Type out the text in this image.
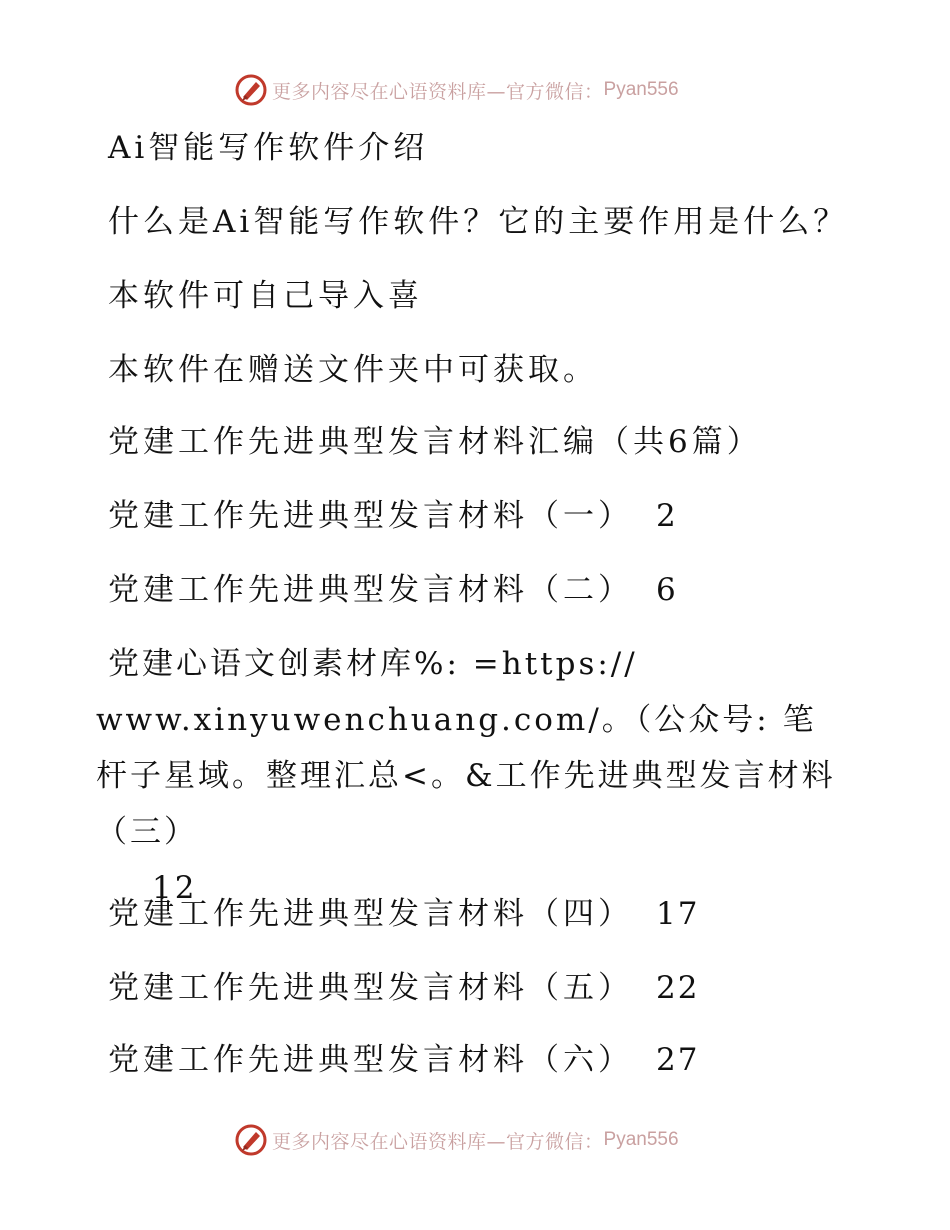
更多内容尽在心语资料库—官方微信： Pyan556
Ai智能写作软件介绍
什么是Ai智能写作软件？它的主要作用是什么？
本软件可自己导入喜
本软件在赠送文件夹中可获取。
党建工作先进典型发言材料汇编（共6篇）
党建工作先进典型发言材料（一） 2
党建工作先进典型发言材料（二） 6
党建心语文创素材库%: =https://
www.xinyuwenchuang.com/。（公众号: 笔杆子星域。整理汇总<。&工作先进典型发言材料（三）
12
党建工作先进典型发言材料（四） 17
党建工作先进典型发言材料（五） 22
党建工作先进典型发言材料（六） 27
更多内容尽在心语资料库—官方微信： Pyan556
